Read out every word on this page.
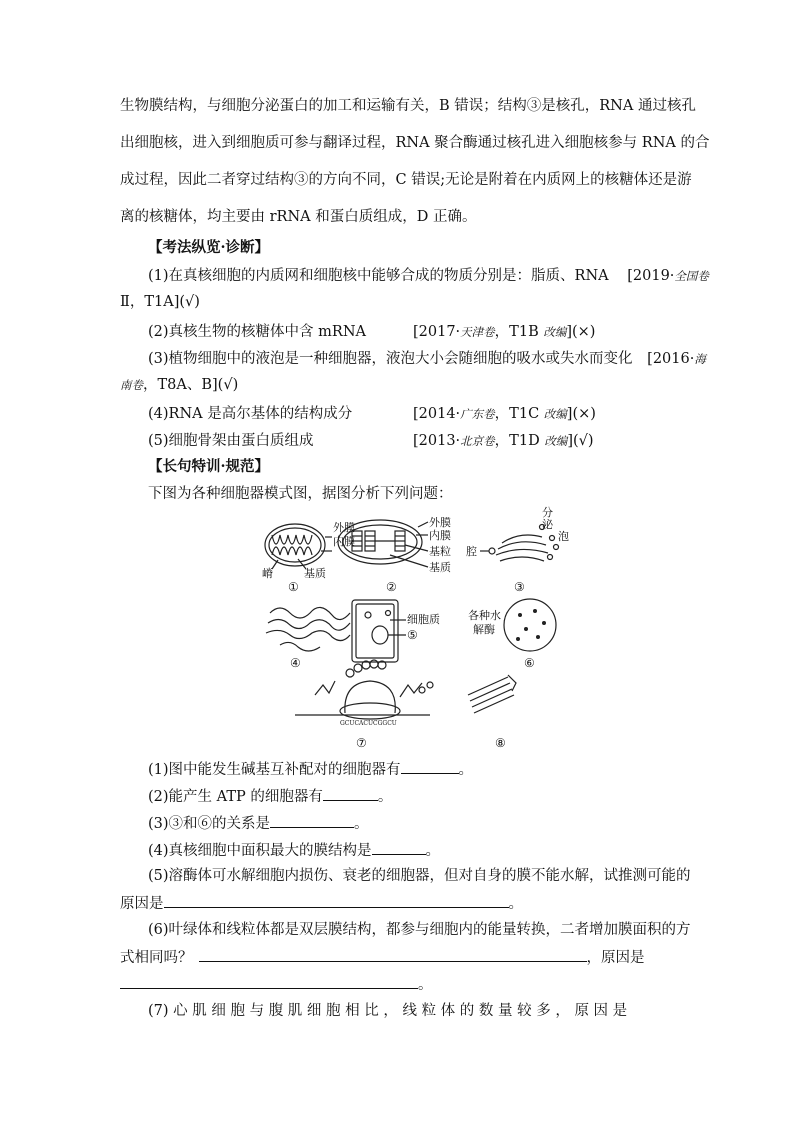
生物膜结构，与细胞分泌蛋白的加工和运输有关，B 错误；结构③是核孔，RNA 通过核孔
出细胞核，进入到细胞质可参与翻译过程，RNA 聚合酶通过核孔进入细胞核参与 RNA 的合
成过程，因此二者穿过结构③的方向不同，C 错误;无论是附着在内质网上的核糖体还是游
离的核糖体，均主要由 rRNA 和蛋白质组成，D 正确。
【考法纵览·诊断】
(1)在真核细胞的内质网和细胞核中能够合成的物质分别是：脂质、RNA [2019·全国卷
Ⅱ，T1A](√)
(2)真核生物的核糖体中含 mRNA	[2017·天津卷，T1B 改编](×)
(3)植物细胞中的液泡是一种细胞器，液泡大小会随细胞的吸水或失水而变化 [2016·海
南卷，T8A、B](√)
(4)RNA 是高尔基体的结构成分	[2014·广东卷，T1C 改编](×)
(5)细胞骨架由蛋白质组成	[2013·北京卷，T1D 改编](√)
【长句特训·规范】
下图为各种细胞器模式图，据图分析下列问题：
外膜
内膜
嵴	基质
外膜
内膜
基粒
基质
腔
分
泌
泡
细胞质	各种水
解酶
GCUCACUCGGCU
①	②	③
④
⑤
⑥
⑦	⑧
(1)图中能发生碱基互补配对的细胞器有	。
(2)能产生 ATP 的细胞器有	。
(3)③和⑥的关系是	。
(4)真核细胞中面积最大的膜结构是	。
(5)溶酶体可水解细胞内损伤、衰老的细胞器，但对自身的膜不能水解，试推测可能的
原因是	。
(6)叶绿体和线粒体都是双层膜结构，都参与细胞内的能量转换，二者增加膜面积的方
式相同吗？	，原因是
。
(7) 心 肌 细 胞 与 腹 肌 细 胞 相 比 ， 线 粒 体 的 数 量 较 多 ， 原 因 是
